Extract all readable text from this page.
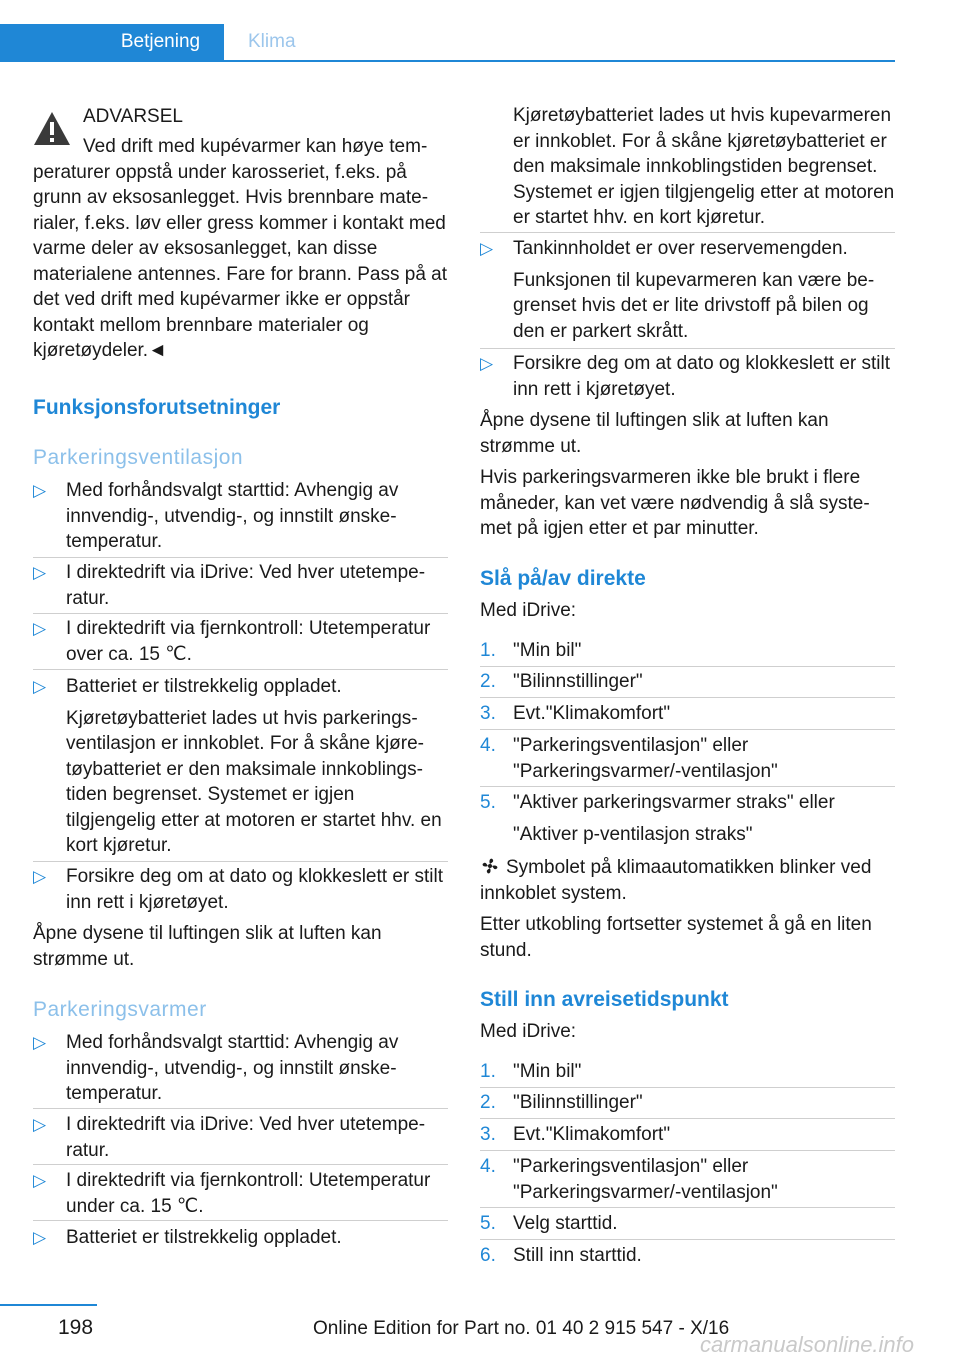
Betjening	Klima
ADVARSEL
Ved drift med kupévarmer kan høye temperaturer oppstå under karosseriet, f.eks. på grunn av eksosanlegget. Hvis brennbare materialer, f.eks. løv eller gress kommer i kontakt med varme deler av eksosanlegget, kan disse materialene antennes. Fare for brann. Pass på at det ved drift med kupévarmer ikke er oppstår kontakt mellom brennbare materialer og kjøretøydeler.◄
Funksjonsforutsetninger
Parkeringsventilasjon
▷ Med forhåndsvalgt starttid: Avhengig av innvendig-, utvendig-, og innstilt ønsketemperatur.
▷ I direktedrift via iDrive: Ved hver utetemperatur.
▷ I direktedrift via fjernkontroll: Utetemperatur over ca. 15 ℃.
▷ Batteriet er tilstrekkelig oppladet.
Kjøretøybatteriet lades ut hvis parkeringsventilasjon er innkoblet. For å skåne kjøretøybatteriet er den maksimale innkoblingstiden begrenset. Systemet er igjen tilgjengelig etter at motoren er startet hhv. en kort kjøretur.
▷ Forsikre deg om at dato og klokkeslett er stilt inn rett i kjøretøyet.
Åpne dysene til luftingen slik at luften kan strømme ut.
Parkeringsvarmer
▷ Med forhåndsvalgt starttid: Avhengig av innvendig-, utvendig-, og innstilt ønsketemperatur.
▷ I direktedrift via iDrive: Ved hver utetemperatur.
▷ I direktedrift via fjernkontroll: Utetemperatur under ca. 15 ℃.
▷ Batteriet er tilstrekkelig oppladet.
Kjøretøybatteriet lades ut hvis kupevarmeren er innkoblet. For å skåne kjøretøybatteriet er den maksimale innkoblingstiden begrenset. Systemet er igjen tilgjengelig etter at motoren er startet hhv. en kort kjøretur.
▷ Tankinnholdet er over reservemengden.
Funksjonen til kupevarmeren kan være begrenset hvis det er lite drivstoff på bilen og den er parkert skrått.
▷ Forsikre deg om at dato og klokkeslett er stilt inn rett i kjøretøyet.
Åpne dysene til luftingen slik at luften kan strømme ut.
Hvis parkeringsvarmeren ikke ble brukt i flere måneder, kan vet være nødvendig å slå systemet på igjen etter et par minutter.
Slå på/av direkte
Med iDrive:
1. "Min bil"
2. "Bilinnstillinger"
3. Evt."Klimakomfort"
4. "Parkeringsventilasjon" eller "Parkeringsvarmer/-ventilasjon"
5. "Aktiver parkeringsvarmer straks" eller
"Aktiver p-ventilasjon straks"
Symbolet på klimaautomatikken blinker ved innkoblet system.
Etter utkobling fortsetter systemet å gå en liten stund.
Still inn avreisetidspunkt
Med iDrive:
1. "Min bil"
2. "Bilinnstillinger"
3. Evt."Klimakomfort"
4. "Parkeringsventilasjon" eller "Parkeringsvarmer/-ventilasjon"
5. Velg starttid.
6. Still inn starttid.
198	Online Edition for Part no. 01 40 2 915 547 - X/16
carmanualsonline.info
